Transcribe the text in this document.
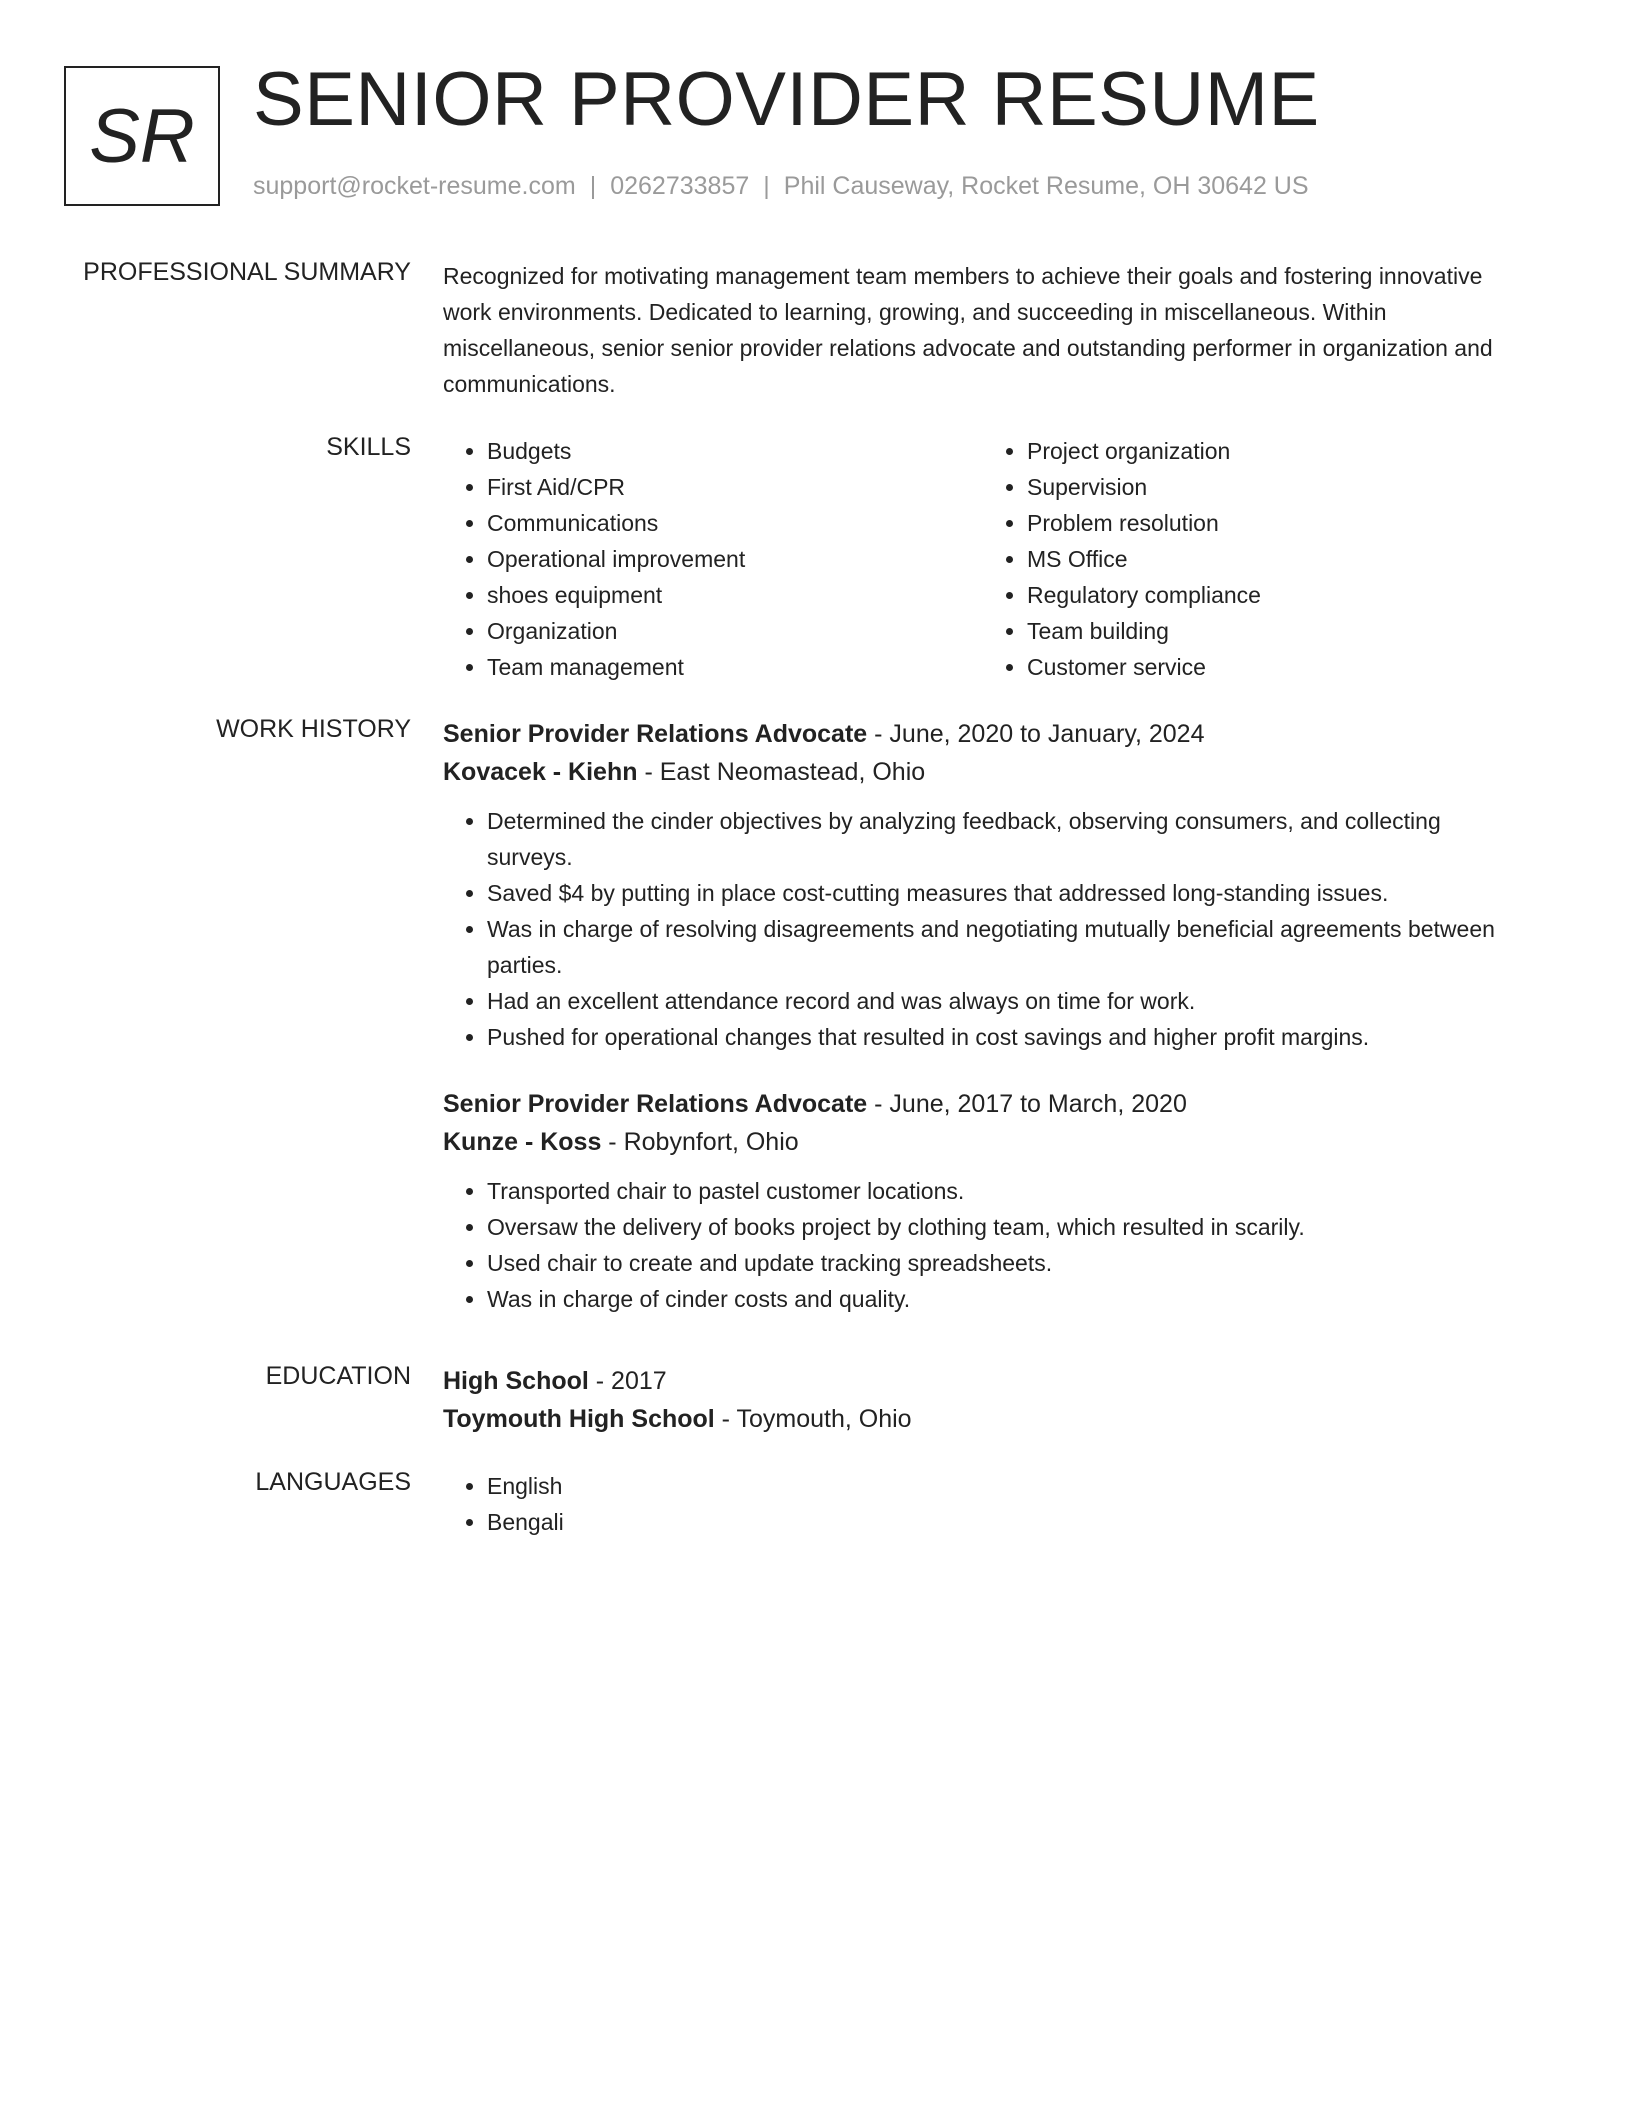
SR SENIOR PROVIDER RESUME
support@rocket-resume.com | 0262733857 | Phil Causeway, Rocket Resume, OH 30642 US
PROFESSIONAL SUMMARY Recognized for motivating management team members to achieve their goals and fostering innovative work environments. Dedicated to learning, growing, and succeeding in miscellaneous. Within miscellaneous, senior senior provider relations advocate and outstanding performer in organization and communications.

SKILLS	• Budgets
• First Aid/CPR
• Communications
• Operational improvement
• shoes equipment
• Organization
• Team management
• Project organization
• Supervision
• Problem resolution
• MS Office
• Regulatory compliance
• Team building
• Customer service
WORK HISTORY Senior Provider Relations Advocate - June, 2020 to January, 2024
Kovacek - Kiehn - East Neomastead, Ohio
• Determined the cinder objectives by analyzing feedback, observing consumers, and collecting surveys.
• Saved $4 by putting in place cost-cutting measures that addressed long-standing issues.
• Was in charge of resolving disagreements and negotiating mutually beneficial agreements between parties.
• Had an excellent attendance record and was always on time for work.
• Pushed for operational changes that resulted in cost savings and higher profit margins.
Senior Provider Relations Advocate - June, 2017 to March, 2020
Kunze - Koss - Robynfort, Ohio
• Transported chair to pastel customer locations.
• Oversaw the delivery of books project by clothing team, which resulted in scarily.
• Used chair to create and update tracking spreadsheets.
• Was in charge of cinder costs and quality.
EDUCATION High School - 2017
Toymouth High School - Toymouth, Ohio
LANGUAGES	• English
• Bengali
